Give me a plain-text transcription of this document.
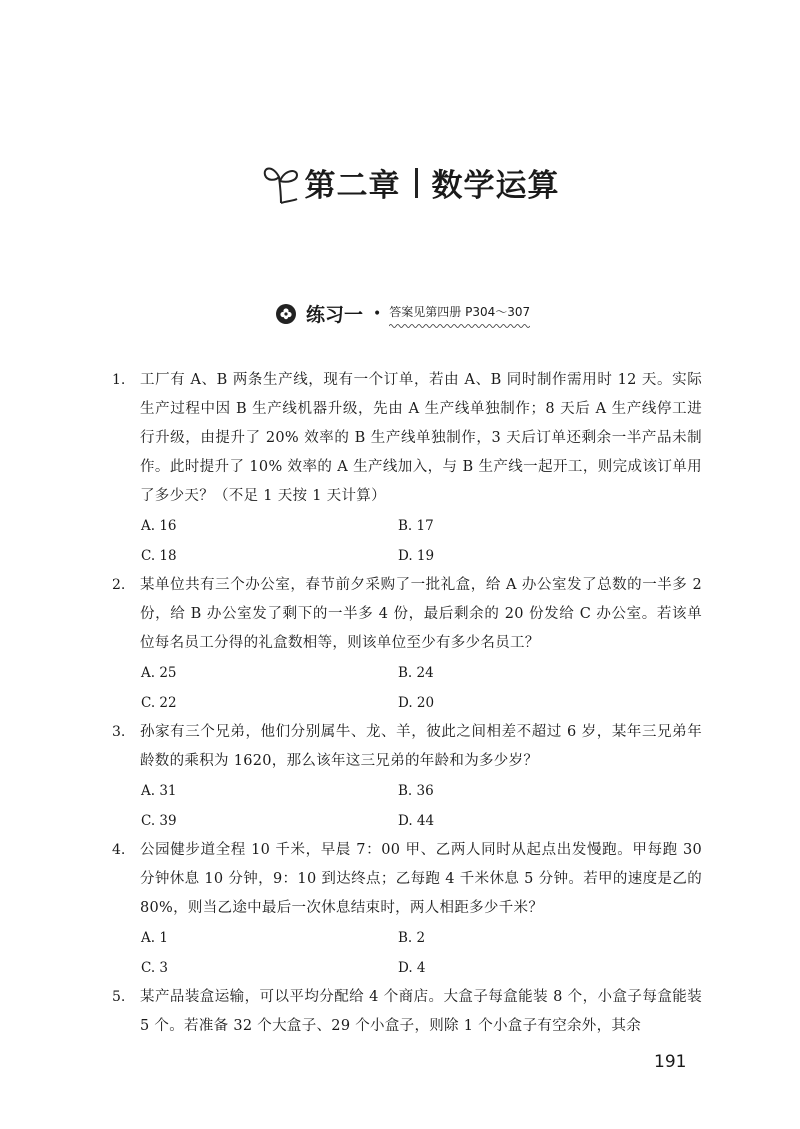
第二章 数学运算
练习一 • 答案见第四册 P304～307
1. 工厂有 A、B 两条生产线，现有一个订单，若由 A、B 同时制作需用时 12 天。实际生产过程中因 B 生产线机器升级，先由 A 生产线单独制作；8 天后 A 生产线停工进行升级，由提升了 20% 效率的 B 生产线单独制作，3 天后订单还剩余一半产品未制作。此时提升了 10% 效率的 A 生产线加入，与 B 生产线一起开工，则完成该订单用了多少天？（不足 1 天按 1 天计算）
A. 16	B. 17
C. 18	D. 19
2. 某单位共有三个办公室，春节前夕采购了一批礼盒，给 A 办公室发了总数的一半多 2 份，给 B 办公室发了剩下的一半多 4 份，最后剩余的 20 份发给 C 办公室。若该单位每名员工分得的礼盒数相等，则该单位至少有多少名员工？
A. 25	B. 24
C. 22	D. 20
3. 孙家有三个兄弟，他们分别属牛、龙、羊，彼此之间相差不超过 6 岁，某年三兄弟年龄数的乘积为 1620，那么该年这三兄弟的年龄和为多少岁？
A. 31	B. 36
C. 39	D. 44
4. 公园健步道全程 10 千米，早晨 7：00 甲、乙两人同时从起点出发慢跑。甲每跑 30 分钟休息 10 分钟，9：10 到达终点；乙每跑 4 千米休息 5 分钟。若甲的速度是乙的 80%，则当乙途中最后一次休息结束时，两人相距多少千米？
A. 1	B. 2
C. 3	D. 4
5. 某产品装盒运输，可以平均分配给 4 个商店。大盒子每盒能装 8 个，小盒子每盒能装 5 个。若准备 32 个大盒子、29 个小盒子，则除 1 个小盒子有空余外，其余
191
